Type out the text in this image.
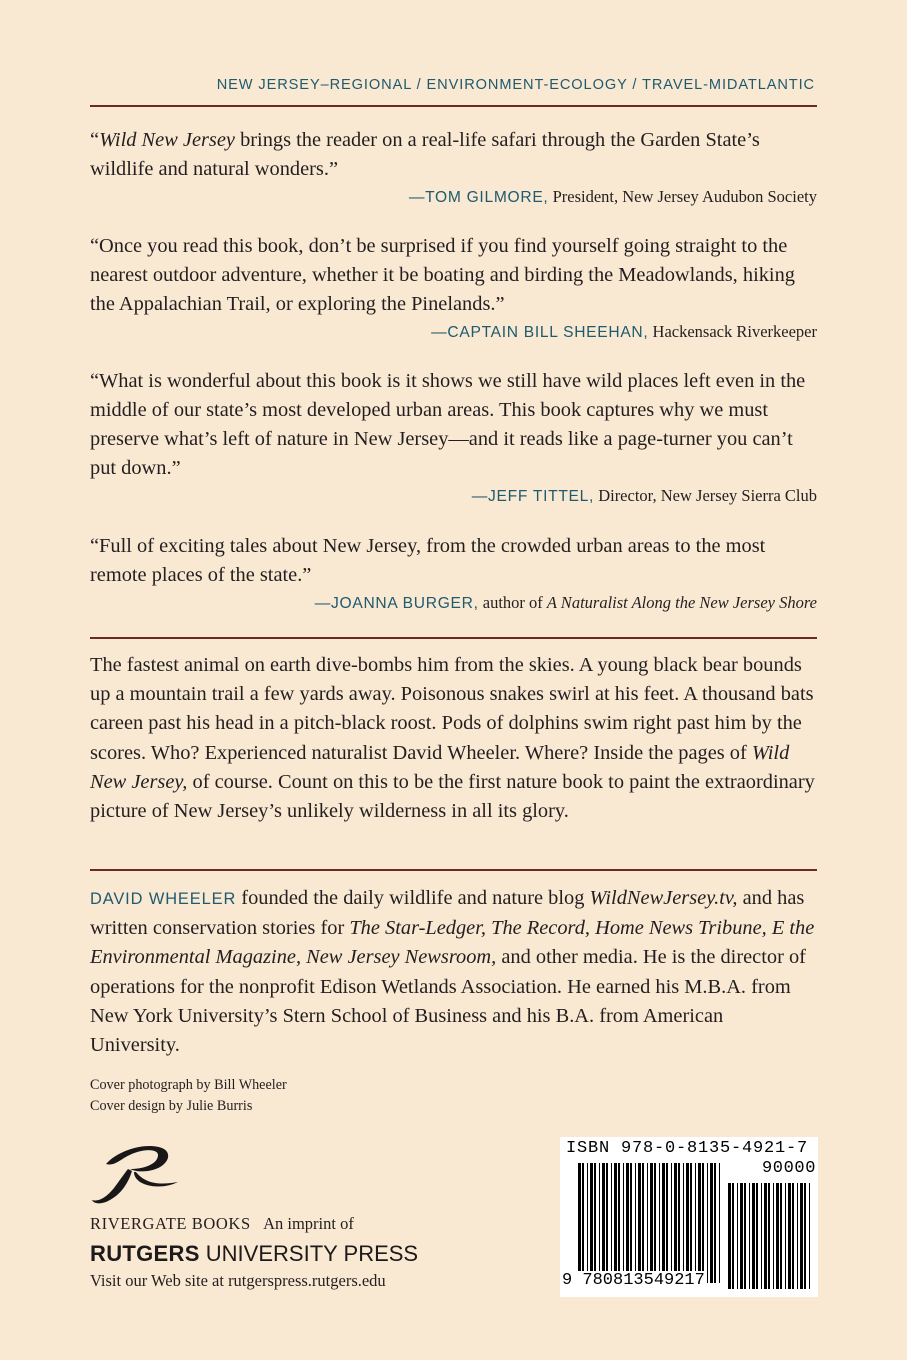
NEW JERSEY–REGIONAL / ENVIRONMENT-ECOLOGY / TRAVEL-MIDATLANTIC

“Wild New Jersey brings the reader on a real-life safari through the Garden State’s wildlife and natural wonders.”

—TOM GILMORE, President, New Jersey Audubon Society

“Once you read this book, don’t be surprised if you find yourself going straight to the nearest outdoor adventure, whether it be boating and birding the Meadowlands, hiking the Appalachian Trail, or exploring the Pinelands.”

—CAPTAIN BILL SHEEHAN, Hackensack Riverkeeper

“What is wonderful about this book is it shows we still have wild places left even in the middle of our state’s most developed urban areas. This book captures why we must preserve what’s left of nature in New Jersey—and it reads like a page-turner you can’t put down.”

—JEFF TITTEL, Director, New Jersey Sierra Club

“Full of exciting tales about New Jersey, from the crowded urban areas to the most remote places of the state.”

—JOANNA BURGER, author of A Naturalist Along the New Jersey Shore

The fastest animal on earth dive-bombs him from the skies. A young black bear bounds up a mountain trail a few yards away. Poisonous snakes swirl at his feet. A thousand bats careen past his head in a pitch-black roost. Pods of dolphins swim right past him by the scores. Who? Experienced naturalist David Wheeler. Where? Inside the pages of Wild New Jersey, of course. Count on this to be the first nature book to paint the extraordinary picture of New Jersey’s unlikely wilderness in all its glory.

DAVID WHEELER founded the daily wildlife and nature blog WildNewJersey.tv, and has written conservation stories for The Star-Ledger, The Record, Home News Tribune, E the Environmental Magazine, New Jersey Newsroom, and other media. He is the director of operations for the nonprofit Edison Wetlands Association. He earned his M.B.A. from New York University’s Stern School of Business and his B.A. from American University.

Cover photograph by Bill Wheeler
Cover design by Julie Burris
RIVERGATE BOOKS An imprint of
RUTGERS UNIVERSITY PRESS
Visit our Web site at rutgerspress.rutgers.edu
ISBN 978-0-8135-4921-7
90000
9 780813549217
